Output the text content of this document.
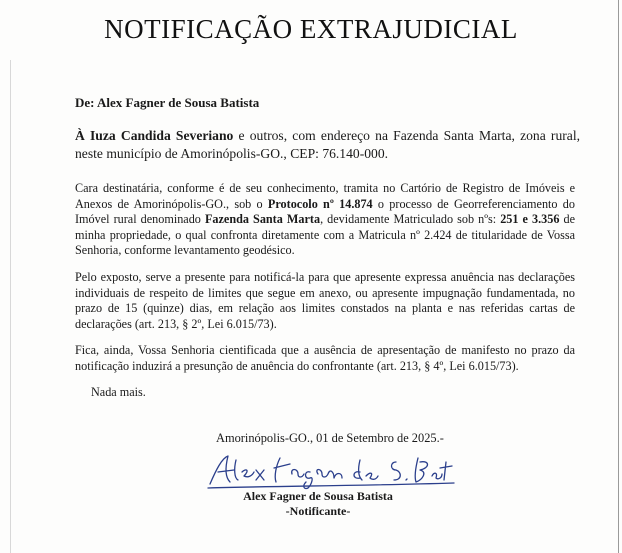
NOTIFICAÇÃO EXTRAJUDICIAL

De: Alex Fagner de Sousa Batista

À Iuza Candida Severiano e outros, com endereço na Fazenda Santa Marta, zona rural, neste município de Amorinópolis-GO., CEP: 76.140-000.

Cara destinatária, conforme é de seu conhecimento, tramita no Cartório de Registro de Imóveis e Anexos de Amorinópolis-GO., sob o Protocolo nº 14.874 o processo de Georreferenciamento do Imóvel rural denominado Fazenda Santa Marta, devidamente Matriculado sob nºs: 251 e 3.356 de minha propriedade, o qual confronta diretamente com a Matricula nº 2.424 de titularidade de Vossa Senhoria, conforme levantamento geodésico.

Pelo exposto, serve a presente para notificá-la para que apresente expressa anuência nas declarações individuais de respeito de limites que segue em anexo, ou apresente impugnação fundamentada, no prazo de 15 (quinze) dias, em relação aos limites constados na planta e nas referidas cartas de declarações (art. 213, § 2º, Lei 6.015/73).

Fica, ainda, Vossa Senhoria cientificada que a ausência de apresentação de manifesto no prazo da notificação induzirá a presunção de anuência do confrontante (art. 213, § 4º, Lei 6.015/73).

Nada mais.
Amorinópolis-GO., 01 de Setembro de 2025.-
Alex Fagner de Sousa Batista
-Notificante-
